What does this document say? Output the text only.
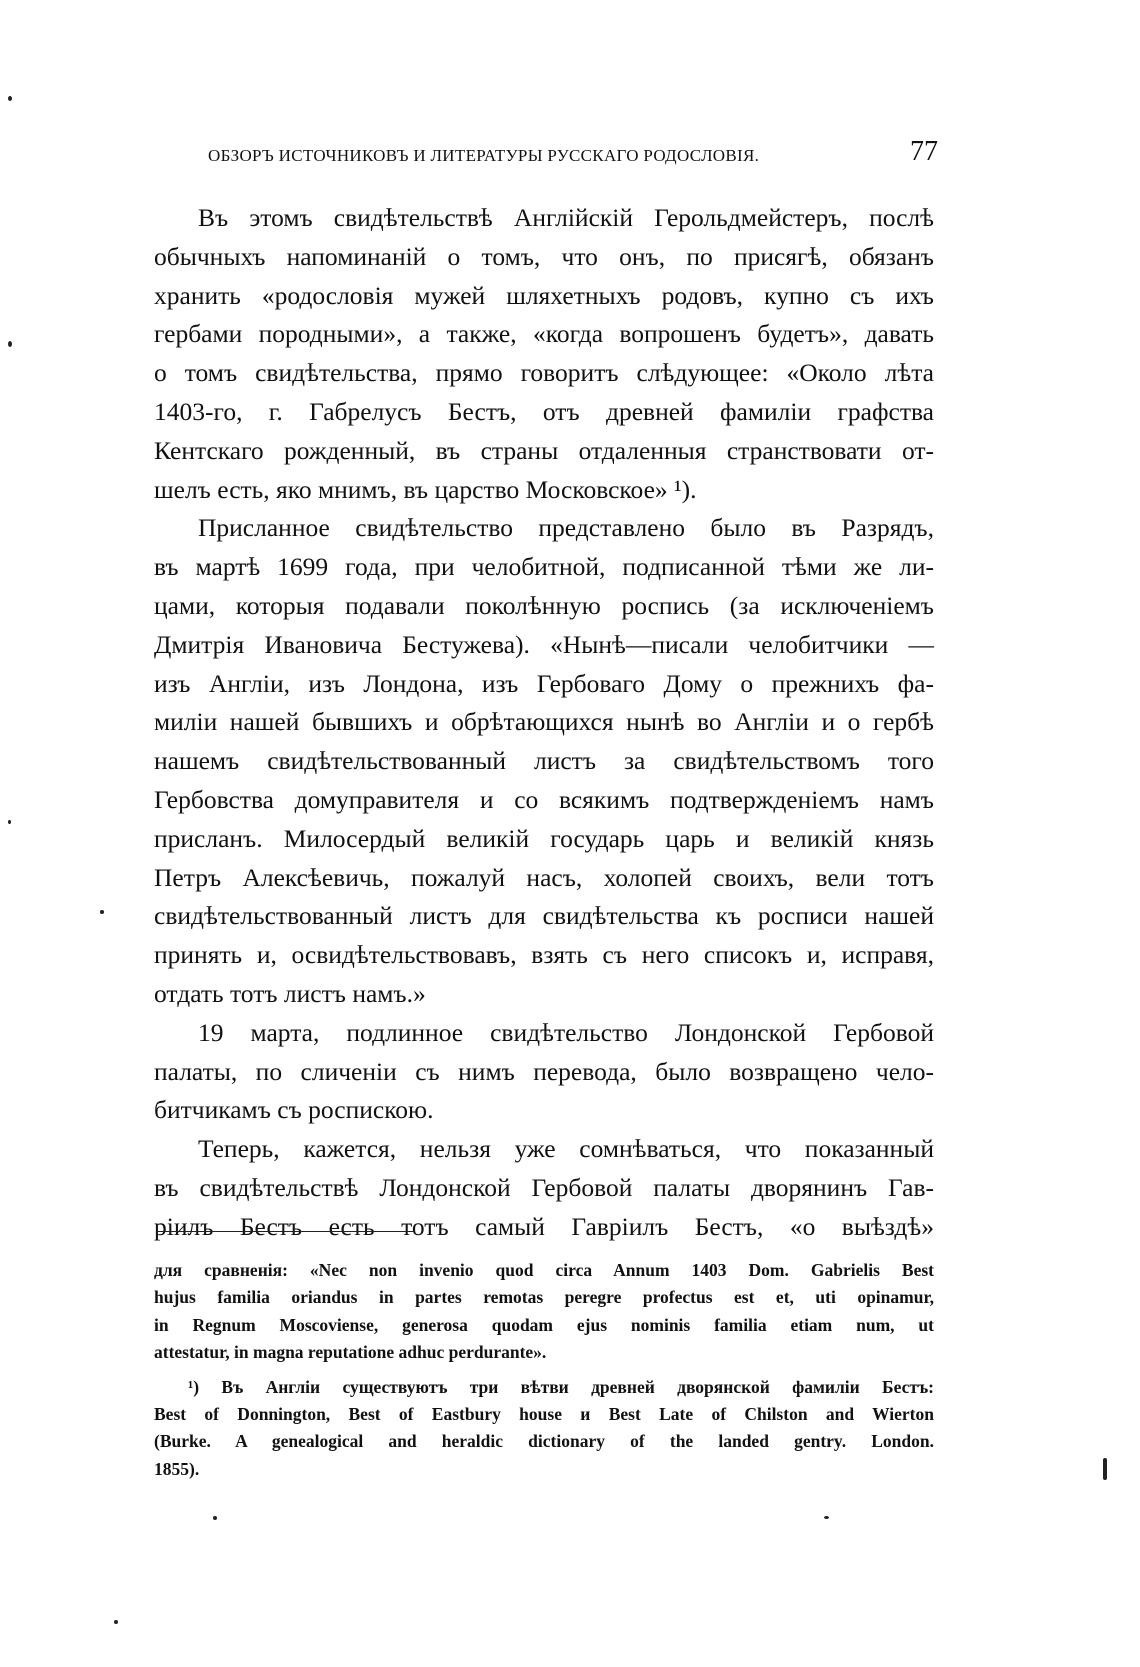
ОБЗОРЪ ИСТОЧНИКОВЪ И ЛИТЕРАТУРЫ РУССКАГО РОДОСЛОВІЯ.	77
Въ этомъ свидѣтельствѣ Англійскій Герольдмейстеръ, послѣ
обычныхъ напоминаній о томъ, что онъ, по присягѣ, обязанъ
хранить «родословія мужей шляхетныхъ родовъ, купно съ ихъ
гербами породными», а также, «когда вопрошенъ будетъ», давать
о томъ свидѣтельства, прямо говоритъ слѣдующее: «Около лѣта
1403-го, г. Габрелусъ Бестъ, отъ древней фамиліи графства
Кентскаго рожденный, въ страны отдаленныя странствовати от-
шелъ есть, яко мнимъ, въ царство Московское» ¹).
Присланное свидѣтельство представлено было въ Разрядъ,
въ мартѣ 1699 года, при челобитной, подписанной тѣми же ли-
цами, которыя подавали поколѣнную роспись (за исключеніемъ
Дмитрія Ивановича Бестужева). «Нынѣ—писали челобитчики —
изъ Англіи, изъ Лондона, изъ Гербоваго Дому о прежнихъ фа-
миліи нашей бывшихъ и обрѣтающихся нынѣ во Англіи и о гербѣ
нашемъ свидѣтельствованный листъ за свидѣтельствомъ того
Гербовства домуправителя и со всякимъ подтвержденіемъ намъ
присланъ. Милосердый великій государь царь и великій князь
Петръ Алексѣевичь, пожалуй насъ, холопей своихъ, вели тотъ
свидѣтельствованный листъ для свидѣтельства къ росписи нашей
принять и, освидѣтельствовавъ, взять съ него списокъ и, исправя,
отдать тотъ листъ намъ.»
19 марта, подлинное свидѣтельство Лондонской Гербовой
палаты, по сличеніи съ нимъ перевода, было возвращено чело-
битчикамъ съ роспискою.
Теперь, кажется, нельзя уже сомнѣваться, что показанный
въ свидѣтельствѣ Лондонской Гербовой палаты дворянинъ Гав-
ріилъ Бестъ есть тотъ самый Гавріилъ Бестъ, «о выѣздѣ»
для сравненія: «Nec non invenio quod circa Annum 1403 Dom. Gabrielis Best
hujus familia oriandus in partes remotas peregre profectus est et, uti opinamur,
in Regnum Moscoviense, generosa quodam ejus nominis familia etiam num, ut
attestatur, in magna reputatione adhuc perdurante».
¹) Въ Англіи существуютъ три вѣтви древней дворянской фамиліи Бестъ:
Best of Donnington, Best of Eastbury house и Best Late of Chilston and Wierton
(Burke. A genealogical and heraldic dictionary of the landed gentry. London.
1855).
